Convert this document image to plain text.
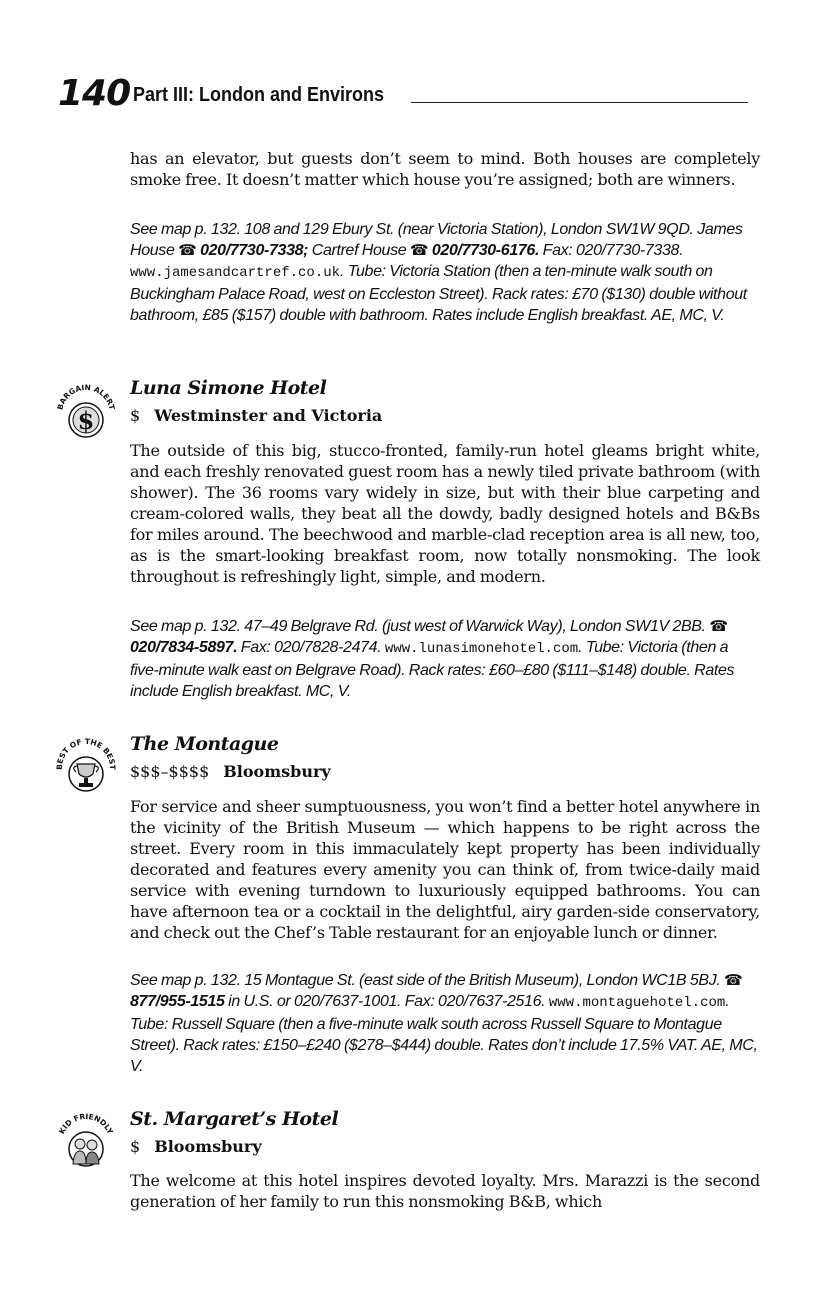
140 Part III: London and Environs
has an elevator, but guests don’t seem to mind. Both houses are completely smoke free. It doesn’t matter which house you’re assigned; both are winners.
See map p. 132. 108 and 129 Ebury St. (near Victoria Station), London SW1W 9QD. James House ☎ 020/7730-7338; Cartref House ☎ 020/7730-6176. Fax: 020/7730-7338. www.jamesandcartref.co.uk. Tube: Victoria Station (then a ten-minute walk south on Buckingham Palace Road, west on Eccleston Street). Rack rates: £70 ($130) double without bathroom, £85 ($157) double with bathroom. Rates include English breakfast. AE, MC, V.
BARGAIN ALERT
$
Luna Simone Hotel
$ Westminster and Victoria
The outside of this big, stucco-fronted, family-run hotel gleams bright white, and each freshly renovated guest room has a newly tiled private bathroom (with shower). The 36 rooms vary widely in size, but with their blue carpeting and cream-colored walls, they beat all the dowdy, badly designed hotels and B&Bs for miles around. The beechwood and marble-clad reception area is all new, too, as is the smart-looking breakfast room, now totally nonsmoking. The look throughout is refreshingly light, simple, and modern.
See map p. 132. 47–49 Belgrave Rd. (just west of Warwick Way), London SW1V 2BB. ☎ 020/7834-5897. Fax: 020/7828-2474. www.lunasimonehotel.com. Tube: Victoria (then a five-minute walk east on Belgrave Road). Rack rates: £60–£80 ($111–$148) double. Rates include English breakfast. MC, V.
BEST OF THE BEST
The Montague
$$$–$$$$ Bloomsbury
For service and sheer sumptuousness, you won’t find a better hotel anywhere in the vicinity of the British Museum — which happens to be right across the street. Every room in this immaculately kept property has been individually decorated and features every amenity you can think of, from twice-daily maid service with evening turndown to luxuriously equipped bathrooms. You can have afternoon tea or a cocktail in the delightful, airy garden-side conservatory, and check out the Chef’s Table restaurant for an enjoyable lunch or dinner.
See map p. 132. 15 Montague St. (east side of the British Museum), London WC1B 5BJ. ☎ 877/955-1515 in U.S. or 020/7637-1001. Fax: 020/7637-2516. www.montaguehotel.com. Tube: Russell Square (then a five-minute walk south across Russell Square to Montague Street). Rack rates: £150–£240 ($278–$444) double. Rates don’t include 17.5% VAT. AE, MC, V.
KID FRIENDLY
St. Margaret’s Hotel
$ Bloomsbury
The welcome at this hotel inspires devoted loyalty. Mrs. Marazzi is the second generation of her family to run this nonsmoking B&B, which
